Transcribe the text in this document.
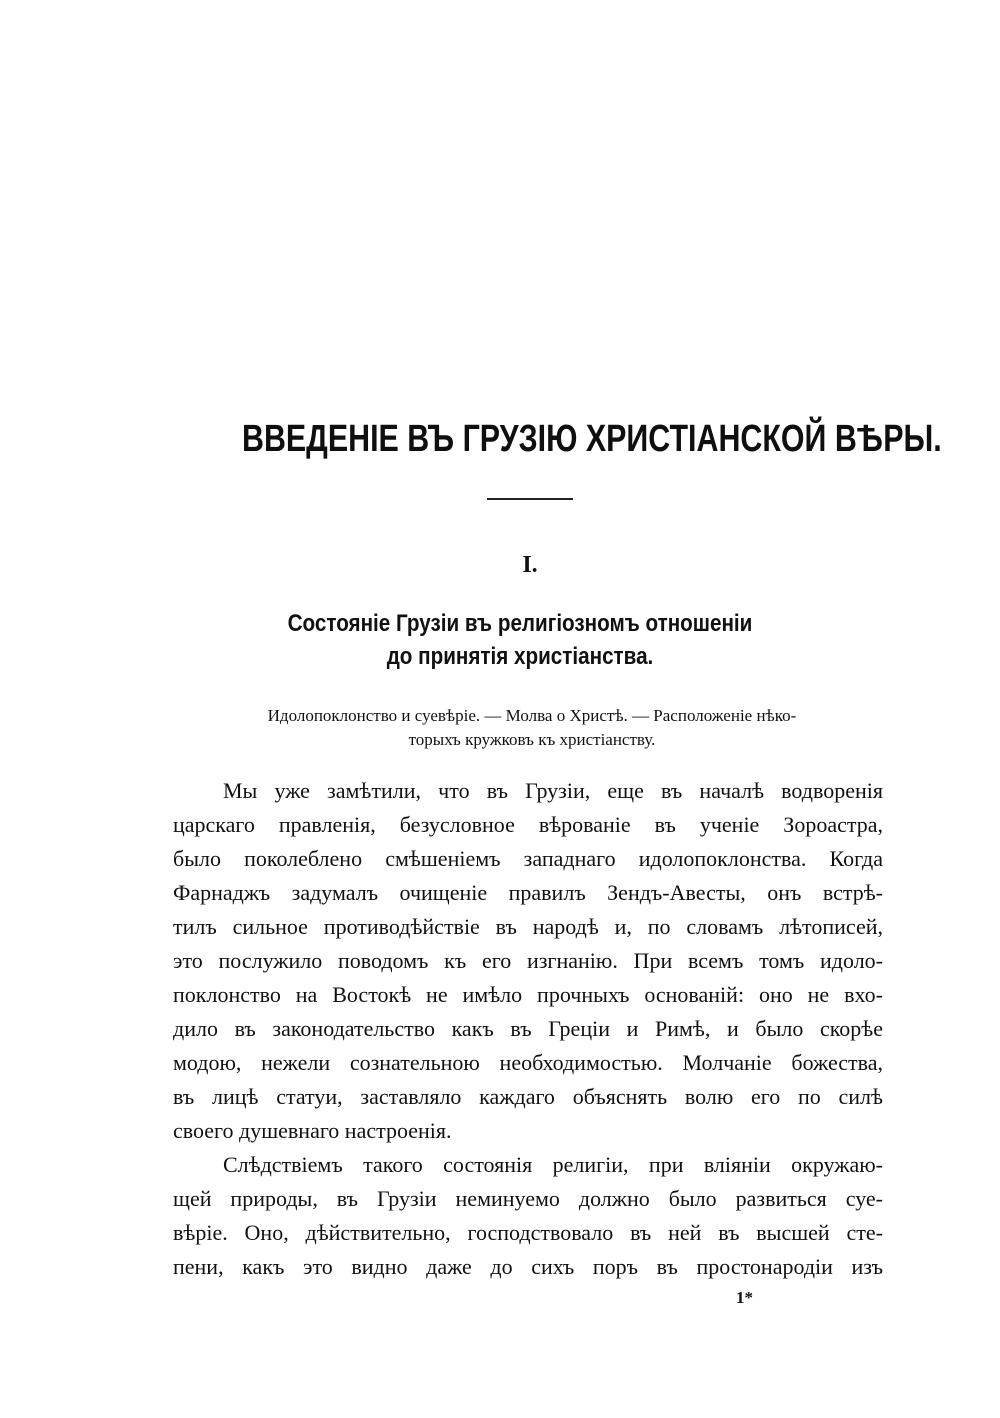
ВВЕДЕНІЕ ВЪ ГРУЗІЮ ХРИСТІАНСКОЙ ВѢРЫ.
I.
Состояніе Грузіи въ религіозномъ отношеніи
до принятія христіанства.
Идолопоклонство и суевѣріе. — Молва о Христѣ. — Расположеніе нѣко-
торыхъ кружковъ къ христіанству.
Мы уже замѣтили, что въ Грузіи, еще въ началѣ водворенія
царскаго правленія, безусловное вѣрованіе въ ученіе Зороастра,
было поколеблено смѣшеніемъ западнаго идолопоклонства. Когда
Фарнаджъ задумалъ очищеніе правилъ Зендъ-Авесты, онъ встрѣ-
тилъ сильное противодѣйствіе въ народѣ и, по словамъ лѣтописей,
это послужило поводомъ къ его изгнанію. При всемъ томъ идоло-
поклонство на Востокѣ не имѣло прочныхъ основаній: оно не вхо-
дило въ законодательство какъ въ Греціи и Римѣ, и было скорѣе
модою, нежели сознательною необходимостью. Молчаніе божества,
въ лицѣ статуи, заставляло каждаго объяснять волю его по силѣ
своего душевнаго настроенія.
Слѣдствіемъ такого состоянія религіи, при вліяніи окружаю-
щей природы, въ Грузіи неминуемо должно было развиться суе-
вѣріе. Оно, дѣйствительно, господствовало въ ней въ высшей сте-
пени, какъ это видно даже до сихъ поръ въ простонародіи изъ
1*
